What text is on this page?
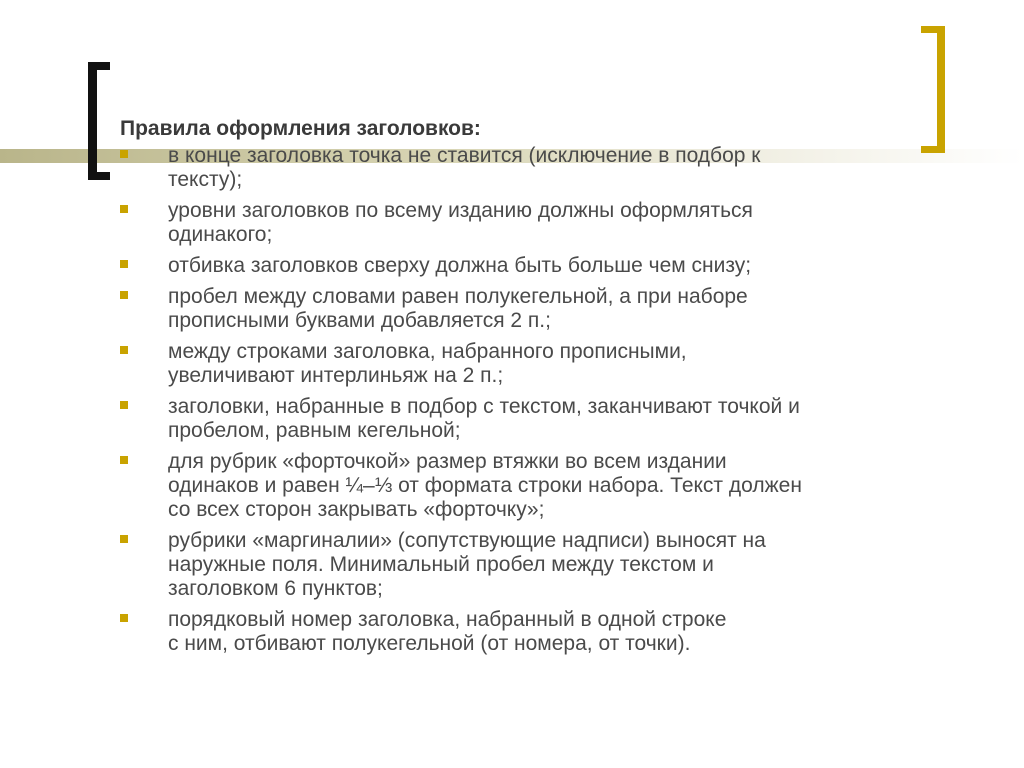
Правила оформления заголовков:
в конце заголовка точка не ставится (исключение в подбор к
тексту);
уровни заголовков по всему изданию должны оформляться
одинакого;
отбивка заголовков сверху должна быть больше чем снизу;
пробел между словами равен полукегельной, а при наборе
прописными буквами добавляется 2 п.;
между строками заголовка, набранного прописными,
увеличивают интерлиньяж на 2 п.;
заголовки, набранные в подбор с текстом, заканчивают точкой и
пробелом, равным кегельной;
для рубрик «форточкой» размер втяжки во всем издании
одинаков и равен ¼–⅓ от формата строки набора. Текст должен
со всех сторон закрывать «форточку»;
рубрики «маргиналии» (сопутствующие надписи) выносят на
наружные поля. Минимальный пробел между текстом и
заголовком 6 пунктов;
порядковый номер заголовка, набранный в одной строке
с ним, отбивают полукегельной (от номера, от точки).
